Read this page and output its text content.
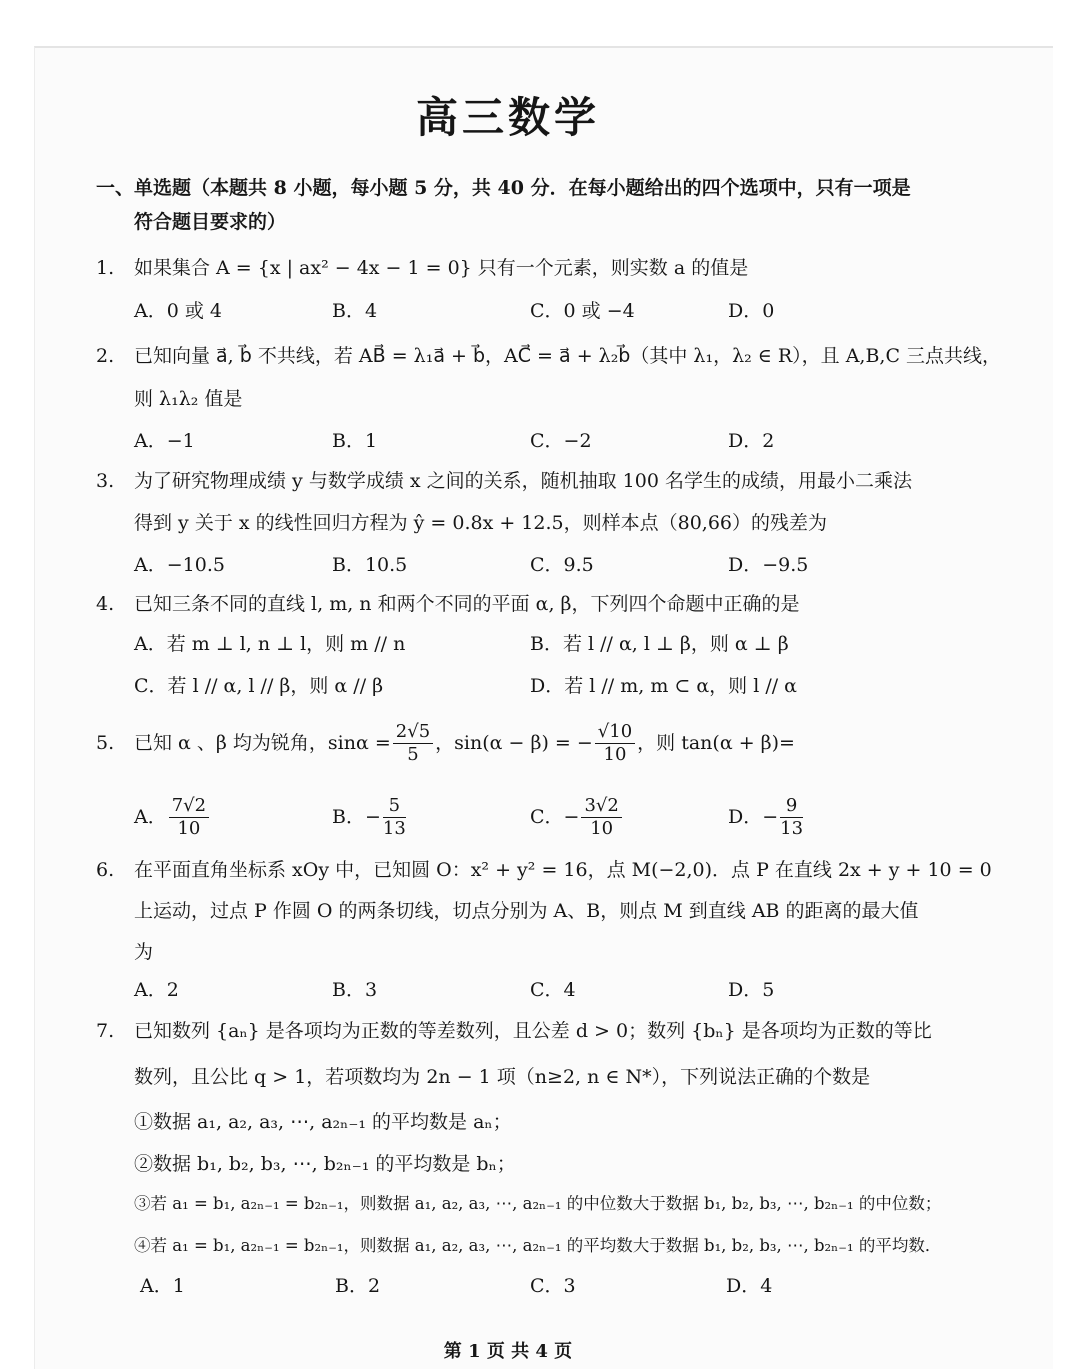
高三数学
一、单选题（本题共 8 小题，每小题 5 分，共 40 分．在每小题给出的四个选项中，只有一项是
符合题目要求的）
1. 如果集合 A = {x | ax² − 4x − 1 = 0} 只有一个元素，则实数 a 的值是
A．0 或 4	B．4	C．0 或 −4	D．0
2. 已知向量 a⃗, b⃗ 不共线，若 AB⃗ = λ₁a⃗ + b⃗，AC⃗ = a⃗ + λ₂b⃗（其中 λ₁，λ₂ ∈ R），且 A,B,C 三点共线，
则 λ₁λ₂ 值是
A．−1	B．1	C．−2	D．2
3. 为了研究物理成绩 y 与数学成绩 x 之间的关系，随机抽取 100 名学生的成绩，用最小二乘法
得到 y 关于 x 的线性回归方程为 ŷ = 0.8x + 12.5，则样本点（80,66）的残差为
A．−10.5	B．10.5	C．9.5	D．−9.5
4. 已知三条不同的直线 l, m, n 和两个不同的平面 α, β，下列四个命题中正确的是
A．若 m ⊥ l, n ⊥ l，则 m // n	B．若 l // α, l ⊥ β，则 α ⊥ β
C．若 l // α, l // β，则 α // β	D．若 l // m, m ⊂ α，则 l // α
5. 已知 α 、β 均为锐角，$\sin\alpha = \frac{2√5}{5}$ ，sin(α − β) = − $\frac{√10}{10}$ ，则 tan(α + β)=
A． $\frac{7√2}{10}$	B． − $\frac{5}{13}$	C． − $\frac{3√2}{10}$	D． − $\frac{9}{13}$
6. 在平面直角坐标系 xOy 中，已知圆 O：x² + y² = 16，点 M(−2,0)．点 P 在直线 2x + y + 10 = 0
上运动，过点 P 作圆 O 的两条切线，切点分别为 A、B，则点 M 到直线 AB 的距离的最大值
为
A．2	B．3	C．4	D．5
7. 已知数列 {aₙ} 是各项均为正数的等差数列，且公差 d > 0；数列 {bₙ} 是各项均为正数的等比
数列，且公比 q > 1，若项数均为 2n − 1 项（n≥2, n ∈ N*），下列说法正确的个数是
①数据 a₁, a₂, a₃, ⋯, a₂ₙ₋₁ 的平均数是 aₙ；
②数据 b₁, b₂, b₃, ⋯, b₂ₙ₋₁ 的平均数是 bₙ；
③若 a₁ = b₁, a₂ₙ₋₁ = b₂ₙ₋₁，则数据 a₁, a₂, a₃, ⋯, a₂ₙ₋₁ 的中位数大于数据 b₁, b₂, b₃, ⋯, b₂ₙ₋₁ 的中位数；
④若 a₁ = b₁, a₂ₙ₋₁ = b₂ₙ₋₁，则数据 a₁, a₂, a₃, ⋯, a₂ₙ₋₁ 的平均数大于数据 b₁, b₂, b₃, ⋯, b₂ₙ₋₁ 的平均数．
A．1	B．2	C．3	D．4
第 1 页 共 4 页
